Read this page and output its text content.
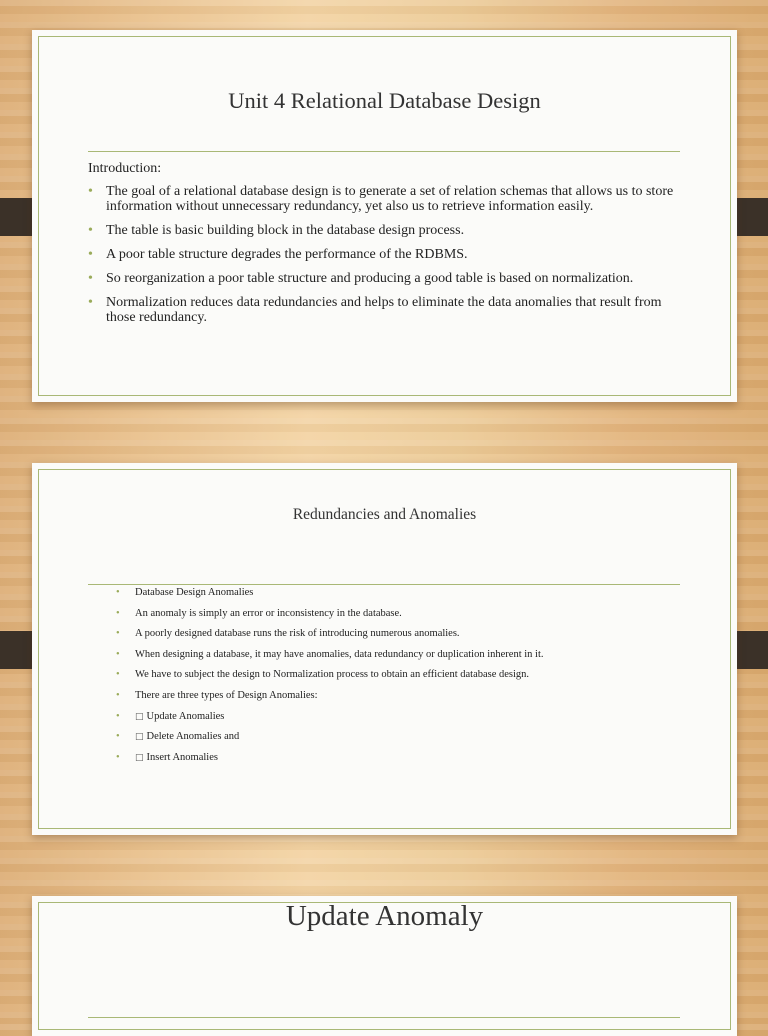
Unit 4 Relational Database Design
Introduction:
• The goal of a relational database design is to generate a set of relation schemas that allows us to store information without unnecessary redundancy, yet also us to retrieve information easily.
• The table is basic building block in the database design process.
• A poor table structure degrades the performance of the RDBMS.
• So reorganization a poor table structure and producing a good table is based on normalization.
• Normalization reduces data redundancies and helps to eliminate the data anomalies that result from those redundancy.
Redundancies and Anomalies
• Database Design Anomalies
• An anomaly is simply an error or inconsistency in the database.
• A poorly designed database runs the risk of introducing numerous anomalies.
• When designing a database, it may have anomalies, data redundancy or duplication inherent in it.
• We have to subject the design to Normalization process to obtain an efficient database design.
• There are three types of Design Anomalies:
• □ Update Anomalies
• □ Delete Anomalies and
• □ Insert Anomalies
Update Anomaly
